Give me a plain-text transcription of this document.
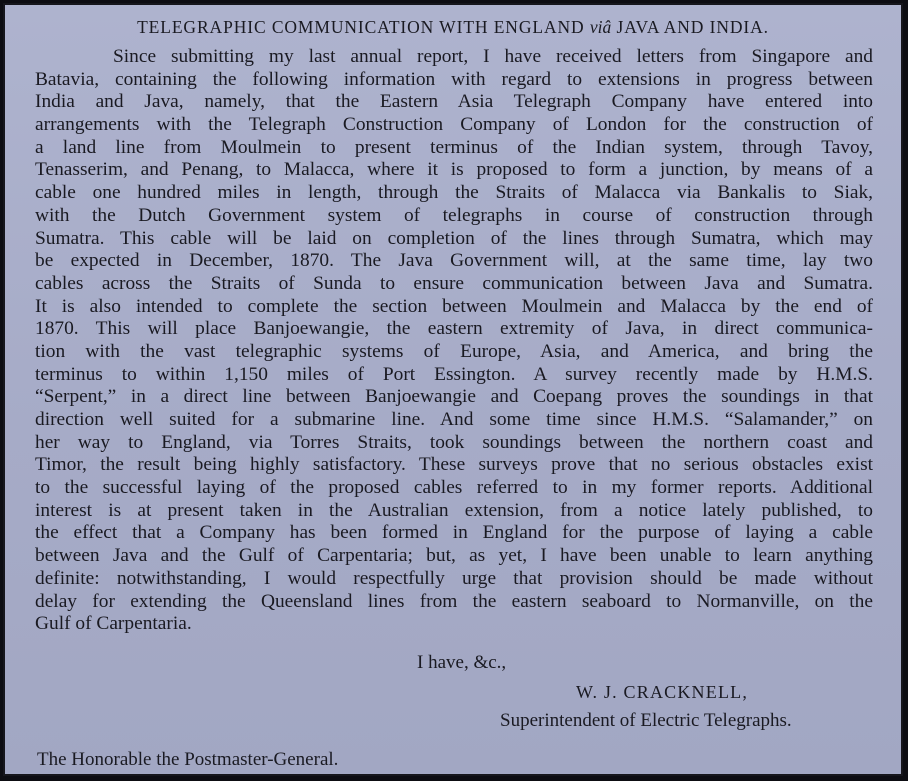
TELEGRAPHIC COMMUNICATION WITH ENGLAND viâ JAVA AND INDIA.
Since submitting my last annual report, I have received letters from Singapore and
Batavia, containing the following information with regard to extensions in progress between
India and Java, namely, that the Eastern Asia Telegraph Company have entered into
arrangements with the Telegraph Construction Company of London for the construction of
a land line from Moulmein to present terminus of the Indian system, through Tavoy,
Tenasserim, and Penang, to Malacca, where it is proposed to form a junction, by means of a
cable one hundred miles in length, through the Straits of Malacca via Bankalis to Siak,
with the Dutch Government system of telegraphs in course of construction through
Sumatra. This cable will be laid on completion of the lines through Sumatra, which may
be expected in December, 1870. The Java Government will, at the same time, lay two
cables across the Straits of Sunda to ensure communication between Java and Sumatra.
It is also intended to complete the section between Moulmein and Malacca by the end of
1870. This will place Banjoewangie, the eastern extremity of Java, in direct communica-
tion with the vast telegraphic systems of Europe, Asia, and America, and bring the
terminus to within 1,150 miles of Port Essington. A survey recently made by H.M.S.
“Serpent,” in a direct line between Banjoewangie and Coepang proves the soundings in that
direction well suited for a submarine line. And some time since H.M.S. “Salamander,” on
her way to England, via Torres Straits, took soundings between the northern coast and
Timor, the result being highly satisfactory. These surveys prove that no serious obstacles exist
to the successful laying of the proposed cables referred to in my former reports. Additional
interest is at present taken in the Australian extension, from a notice lately published, to
the effect that a Company has been formed in England for the purpose of laying a cable
between Java and the Gulf of Carpentaria; but, as yet, I have been unable to learn anything
definite: notwithstanding, I would respectfully urge that provision should be made without
delay for extending the Queensland lines from the eastern seaboard to Normanville, on the
Gulf of Carpentaria.
I have, &c.,
W. J. CRACKNELL,
Superintendent of Electric Telegraphs.
The Honorable the Postmaster-General.
